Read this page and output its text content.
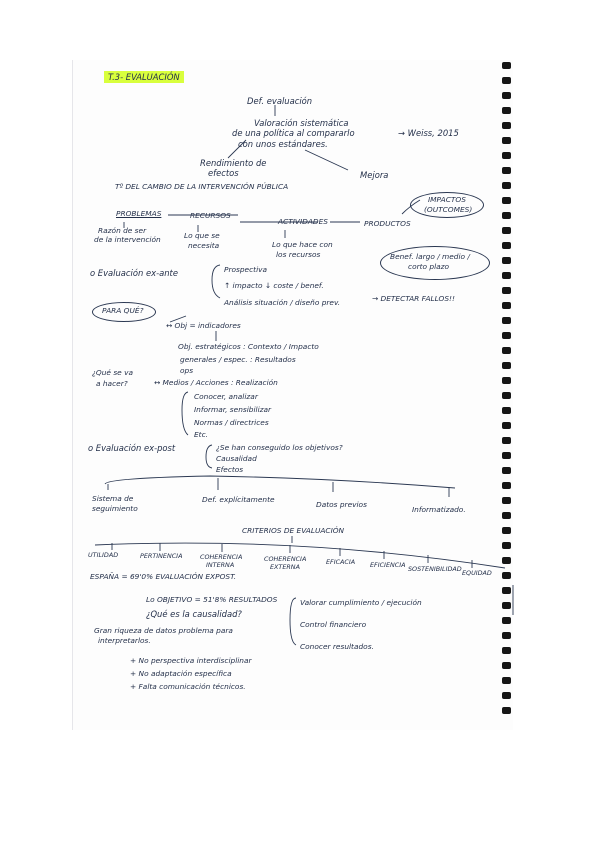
T.3- EVALUACIÓN
Def. evaluación
Valoración sistemática
de una política al compararlo
con unos estándares.
→ Weiss, 2015
Rendimiento de
efectos	Mejora
Tº DEL CAMBIO DE LA INTERVENCIÓN PÚBLICA
PROBLEMAS	RECURSOS
ACTIVIDADES	PRODUCTOS
IMPACTOS
(OUTCOMES)
Razón de ser
de la intervención	Lo que se
necesita	Lo que hace con
los recursos	Benef. largo / medio /
corto plazo
o Evaluación ex-ante	Prospectiva
↑ impacto ↓ coste / benef.
Análisis situación / diseño prev.	→ DETECTAR FALLOS!!
PARA QUÉ?
↔ Obj = indicadores
Obj. estratégicos : Contexto / Impacto
generales / espec. : Resultados
ops
¿Qué se va
a hacer?	↔ Medios / Acciones : Realización
Conocer, analizar
Informar, sensibilizar
Normas / directrices
Etc.
o Evaluación ex-post	¿Se han conseguido los objetivos?
Causalidad
Efectos
Sistema de
seguimiento
Def. explícitamente
Datos previos
Informatizado.
CRITERIOS DE EVALUACIÓN
UTILIDAD	PERTINENCIA	COHERENCIA
INTERNA
COHERENCIA
EXTERNA
EFICACIA EFICIENCIA SOSTENIBILIDAD EQUIDAD
ESPAÑA = 69'0% EVALUACIÓN EXPOST.
Lo OBJETIVO = 51'8% RESULTADOS
¿Qué es la causalidad?
Valorar cumplimiento / ejecución
Control financiero
Conocer resultados.
Gran riqueza de datos problema para
interpretarlos.
+ No perspectiva interdisciplinar
+ No adaptación específica
+ Falta comunicación técnicos.
